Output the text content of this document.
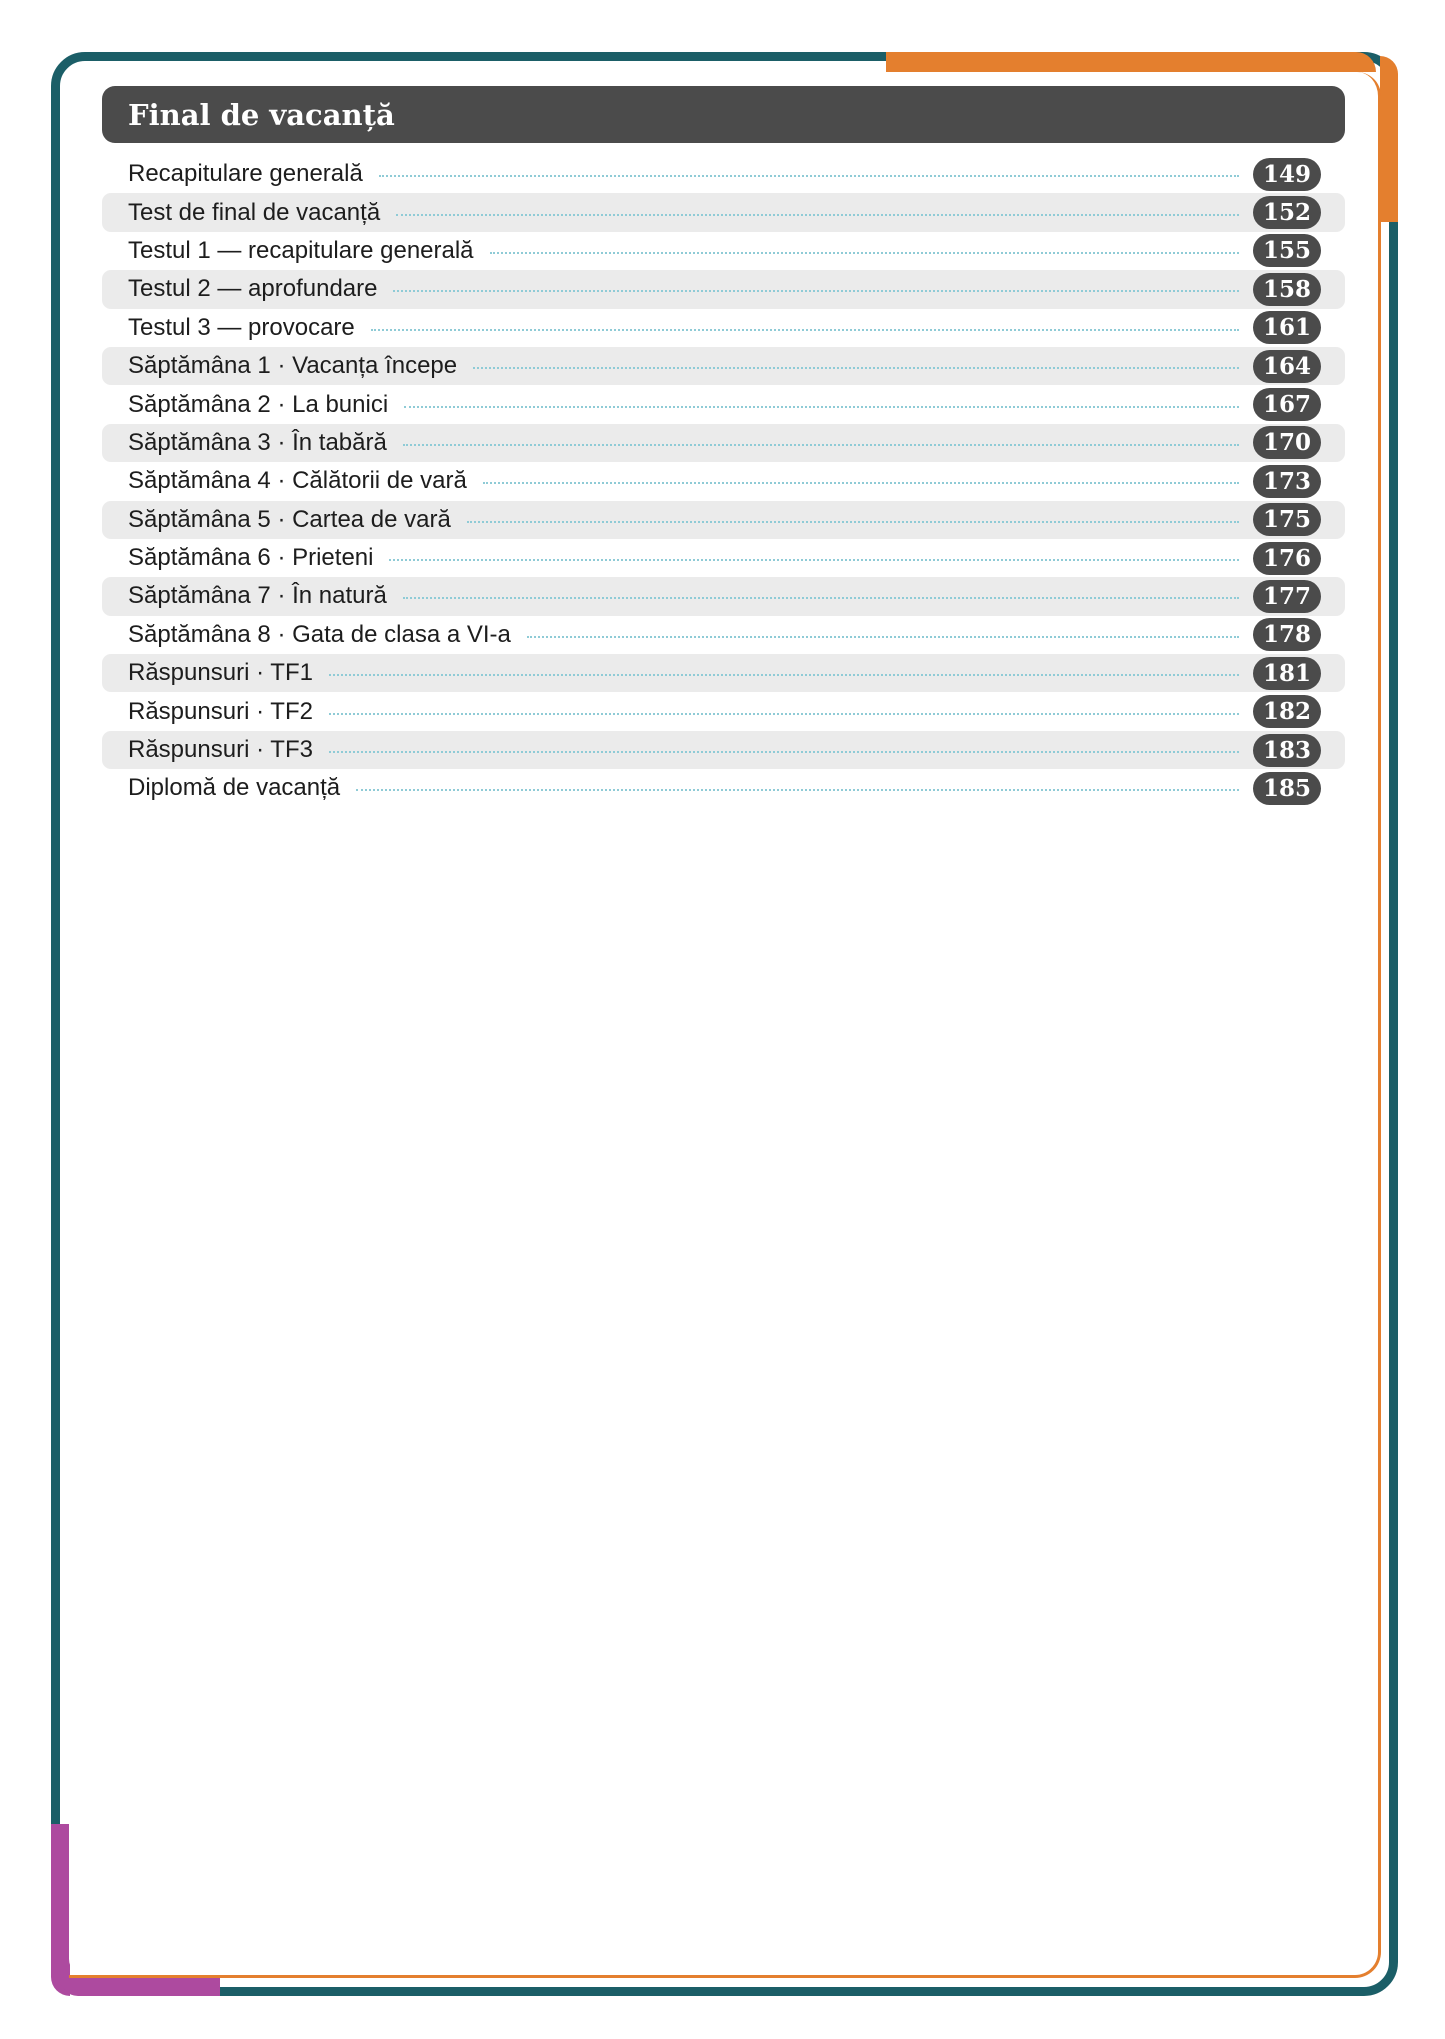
Final de vacanță
Recapitulare generală	149
Test de final de vacanță	152
Testul 1 — recapitulare generală	155
Testul 2 — aprofundare	158
Testul 3 — provocare	161
Săptămâna 1 · Vacanța începe	164
Săptămâna 2 · La bunici	167
Săptămâna 3 · În tabără	170
Săptămâna 4 · Călătorii de vară	173
Săptămâna 5 · Cartea de vară	175
Săptămâna 6 · Prieteni	176
Săptămâna 7 · În natură	177
Săptămâna 8 · Gata de clasa a VI-a	178
Răspunsuri · TF1	181
Răspunsuri · TF2	182
Răspunsuri · TF3	183
Diplomă de vacanță	185
